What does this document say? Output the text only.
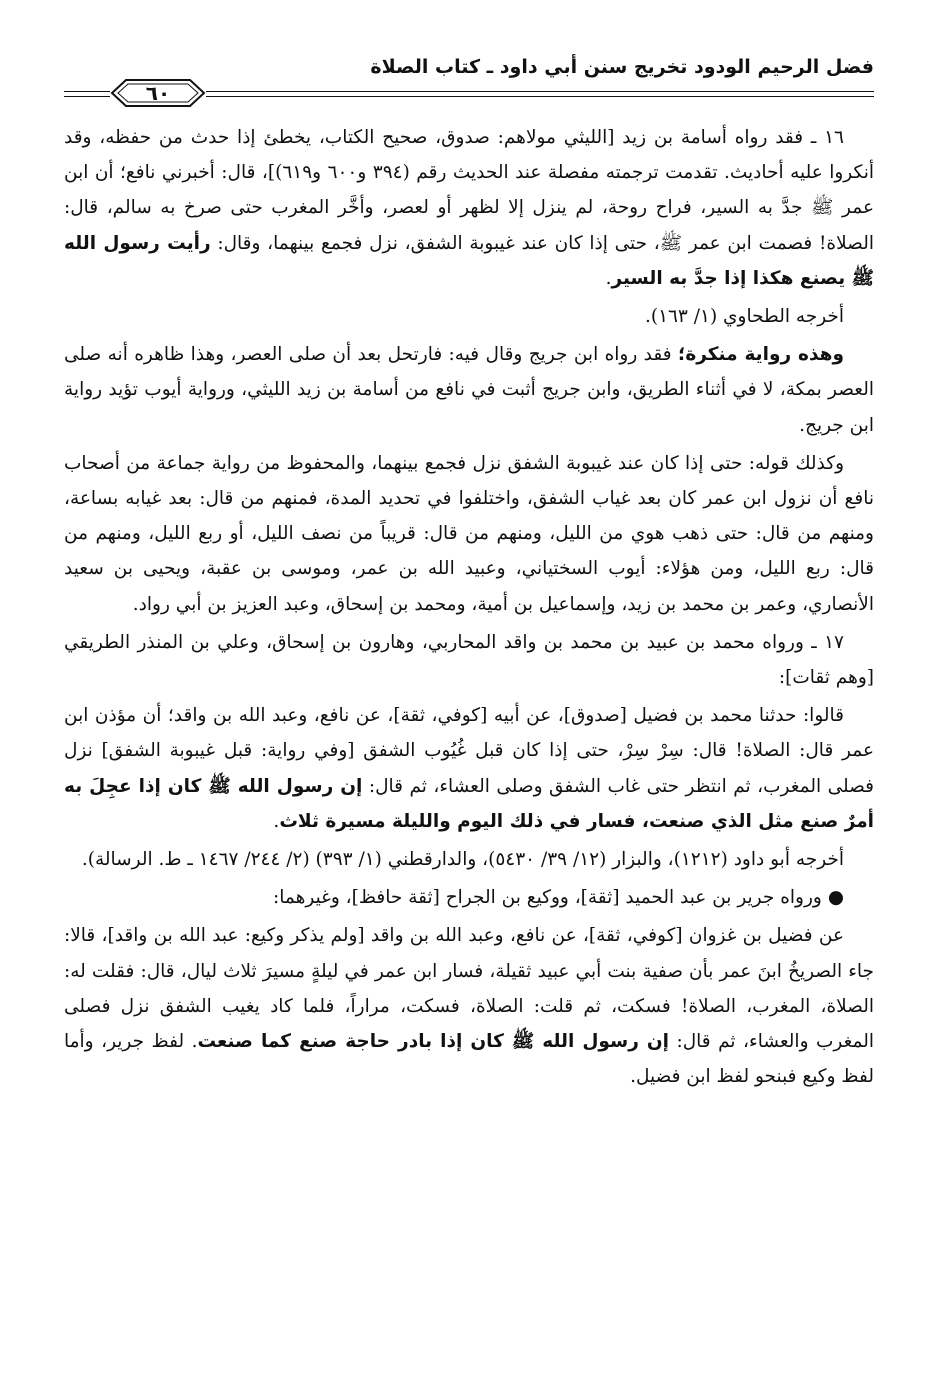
فضل الرحيم الودود تخريج سنن أبي داود ـ كتاب الصلاة
٦٠

١٦ ـ فقد رواه أسامة بن زيد [الليثي مولاهم: صدوق، صحيح الكتاب، يخطئ إذا حدث من حفظه، وقد أنكروا عليه أحاديث. تقدمت ترجمته مفصلة عند الحديث رقم (٣٩٤ و٦٠٠ و٦١٩)]، قال: أخبرني نافع؛ أن ابن عمر ﷺ جدَّ به السير، فراح روحة، لم ينزل إلا لظهر أو لعصر، وأخَّر المغرب حتى صرخ به سالم، قال: الصلاة! فصمت ابن عمر ﷺ، حتى إذا كان عند غيبوبة الشفق، نزل فجمع بينهما، وقال: رأيت رسول الله ﷺ يصنع هكذا إذا جدَّ به السير.

أخرجه الطحاوي (١/ ١٦٣).

وهذه رواية منكرة؛ فقد رواه ابن جريج وقال فيه: فارتحل بعد أن صلى العصر، وهذا ظاهره أنه صلى العصر بمكة، لا في أثناء الطريق، وابن جريج أثبت في نافع من أسامة بن زيد الليثي، ورواية أيوب تؤيد رواية ابن جريج.

وكذلك قوله: حتى إذا كان عند غيبوبة الشفق نزل فجمع بينهما، والمحفوظ من رواية جماعة من أصحاب نافع أن نزول ابن عمر كان بعد غياب الشفق، واختلفوا في تحديد المدة، فمنهم من قال: بعد غيابه بساعة، ومنهم من قال: حتى ذهب هوي من الليل، ومنهم من قال: قريباً من نصف الليل، أو ربع الليل، ومنهم من قال: ربع الليل، ومن هؤلاء: أيوب السختياني، وعبيد الله بن عمر، وموسى بن عقبة، ويحيى بن سعيد الأنصاري، وعمر بن محمد بن زيد، وإسماعيل بن أمية، ومحمد بن إسحاق، وعبد العزيز بن أبي رواد.

١٧ ـ ورواه محمد بن عبيد بن محمد بن واقد المحاربي، وهارون بن إسحاق، وعلي بن المنذر الطريقي [وهم ثقات]:

قالوا: حدثنا محمد بن فضيل [صدوق]، عن أبيه [كوفي، ثقة]، عن نافع، وعبد الله بن واقد؛ أن مؤذن ابن عمر قال: الصلاة! قال: سِرْ سِرْ، حتى إذا كان قبل غُيُوب الشفق [وفي رواية: قبل غيبوبة الشفق] نزل فصلى المغرب، ثم انتظر حتى غاب الشفق وصلى العشاء، ثم قال: إن رسول الله ﷺ كان إذا عجِلَ به أمرٌ صنع مثل الذي صنعت، فسار في ذلك اليوم والليلة مسيرة ثلاث.

أخرجه أبو داود (١٢١٢)، والبزار (١٢/ ٣٩/ ٥٤٣٠)، والدارقطني (١/ ٣٩٣) (٢/ ٢٤٤/ ١٤٦٧ ـ ط. الرسالة).

●ورواه جرير بن عبد الحميد [ثقة]، ووكيع بن الجراح [ثقة حافظ]، وغيرهما:

عن فضيل بن غزوان [كوفي، ثقة]، عن نافع، وعبد الله بن واقد [ولم يذكر وكيع: عبد الله بن واقد]، قالا: جاء الصريخُ ابنَ عمر بأن صفية بنت أبي عبيد ثقيلة، فسار ابن عمر في ليلةٍ مسيرَ ثلاث ليال، قال: فقلت له: الصلاة، المغرب، الصلاة! فسكت، ثم قلت: الصلاة، فسكت، مراراً، فلما كاد يغيب الشفق نزل فصلى المغرب والعشاء، ثم قال: إن رسول الله ﷺ كان إذا بادر حاجة صنع كما صنعت. لفظ جرير، وأما لفظ وكيع فبنحو لفظ ابن فضيل.
